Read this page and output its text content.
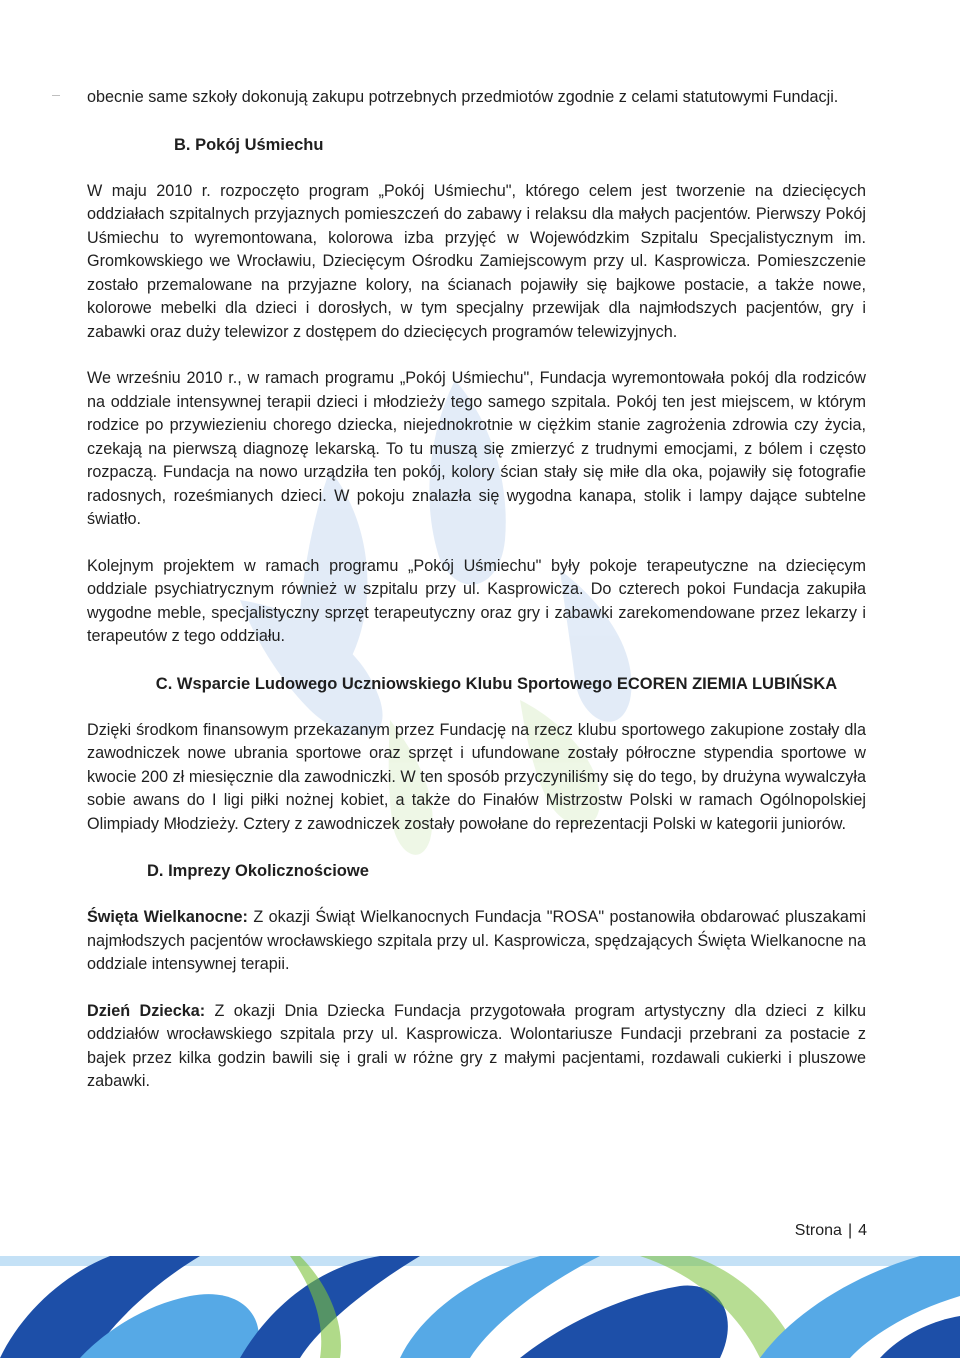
obecnie same szkoły dokonują zakupu potrzebnych przedmiotów zgodnie z celami statutowymi Fundacji.

B. Pokój Uśmiechu

W maju 2010 r. rozpoczęto program „Pokój Uśmiechu", którego celem jest tworzenie na dziecięcych oddziałach szpitalnych przyjaznych pomieszczeń do zabawy i relaksu dla małych pacjentów. Pierwszy Pokój Uśmiechu to wyremontowana, kolorowa izba przyjęć w Wojewódzkim Szpitalu Specjalistycznym im. Gromkowskiego we Wrocławiu, Dziecięcym Ośrodku Zamiejscowym przy ul. Kasprowicza. Pomieszczenie zostało przemalowane na przyjazne kolory, na ścianach pojawiły się bajkowe postacie, a także nowe, kolorowe mebelki dla dzieci i dorosłych, w tym specjalny przewijak dla najmłodszych pacjentów, gry i zabawki oraz duży telewizor z dostępem do dziecięcych programów telewizyjnych.

We wrześniu 2010 r., w ramach programu „Pokój Uśmiechu", Fundacja wyremontowała pokój dla rodziców na oddziale intensywnej terapii dzieci i młodzieży tego samego szpitala. Pokój ten jest miejscem, w którym rodzice po przywiezieniu chorego dziecka, niejednokrotnie w ciężkim stanie zagrożenia zdrowia czy życia, czekają na pierwszą diagnozę lekarską. To tu muszą się zmierzyć z trudnymi emocjami, z bólem i często rozpaczą. Fundacja na nowo urządziła ten pokój, kolory ścian stały się miłe dla oka, pojawiły się fotografie radosnych, roześmianych dzieci. W pokoju znalazła się wygodna kanapa, stolik i lampy dające subtelne światło.

Kolejnym projektem w ramach programu „Pokój Uśmiechu" były pokoje terapeutyczne na dziecięcym oddziale psychiatrycznym również w szpitalu przy ul. Kasprowicza. Do czterech pokoi Fundacja zakupiła wygodne meble, specjalistyczny sprzęt terapeutyczny oraz gry i zabawki zarekomendowane przez lekarzy i terapeutów z tego oddziału.

C. Wsparcie Ludowego Uczniowskiego Klubu Sportowego ECOREN ZIEMIA LUBIŃSKA

Dzięki środkom finansowym przekazanym przez Fundację na rzecz klubu sportowego zakupione zostały dla zawodniczek nowe ubrania sportowe oraz sprzęt i ufundowane zostały półroczne stypendia sportowe w kwocie 200 zł miesięcznie dla zawodniczki. W ten sposób przyczyniliśmy się do tego, by drużyna wywalczyła sobie awans do I ligi piłki nożnej kobiet, a także do Finałów Mistrzostw Polski w ramach Ogólnopolskiej Olimpiady Młodzieży. Cztery z zawodniczek zostały powołane do reprezentacji Polski w kategorii juniorów.

D. Imprezy Okolicznościowe

Święta Wielkanocne: Z okazji Świąt Wielkanocnych Fundacja "ROSA" postanowiła obdarować pluszakami najmłodszych pacjentów wrocławskiego szpitala przy ul. Kasprowicza, spędzających Święta Wielkanocne na oddziale intensywnej terapii.

Dzień Dziecka: Z okazji Dnia Dziecka Fundacja przygotowała program artystyczny dla dzieci z kilku oddziałów wrocławskiego szpitala przy ul. Kasprowicza. Wolontariusze Fundacji przebrani za postacie z bajek przez kilka godzin bawili się i grali w różne gry z małymi pacjentami, rozdawali cukierki i pluszowe zabawki.

Strona | 4
